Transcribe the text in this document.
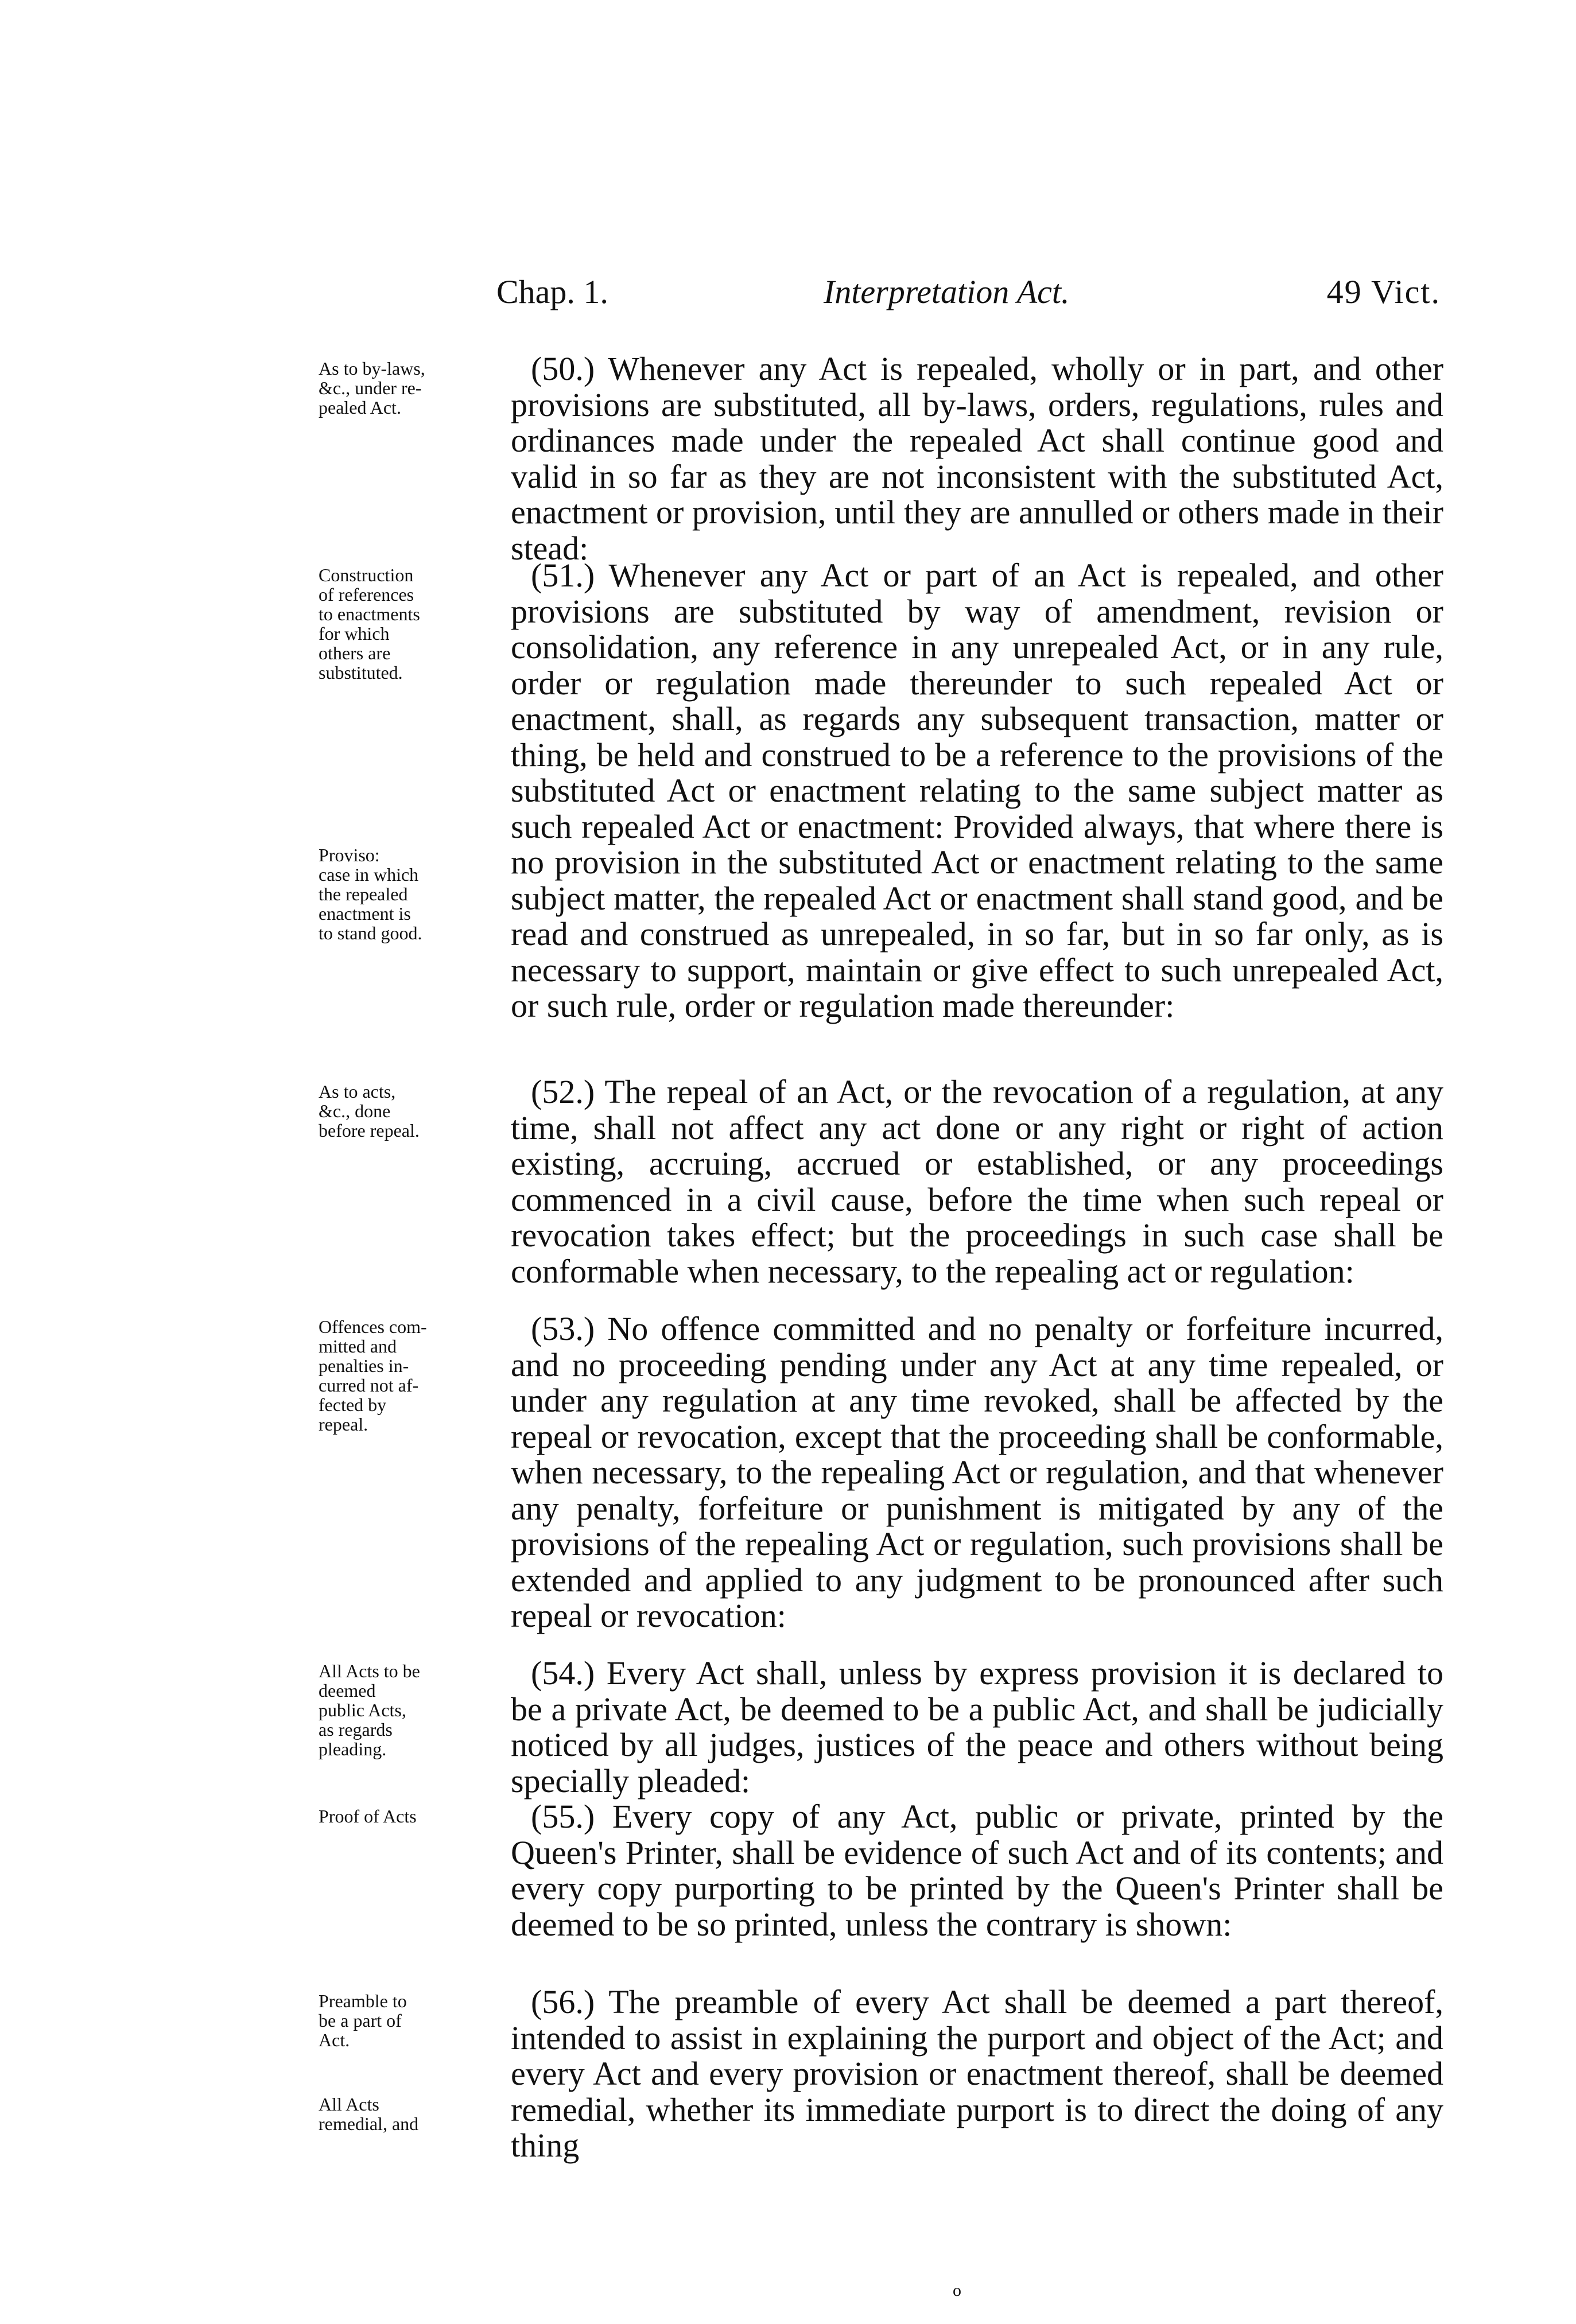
Chap. 1.	Interpretation Act.	49 Vict.
As to by-laws,
&c., under re-
pealed Act.
Construction
of references
to enactments
for which
others are
substituted.
Proviso:
case in which
the repealed
enactment is
to stand good.
As to acts,
&c., done
before repeal.
Offences com-
mitted and
penalties in-
curred not af-
fected by
repeal.
All Acts to be
deemed
public Acts,
as regards
pleading.
Proof of Acts
Preamble to
be a part of
Act.
All Acts
remedial, and
(50.) Whenever any Act is repealed, wholly or in part, and other provisions are substituted, all by-laws, orders, regulations, rules and ordinances made under the repealed Act shall continue good and valid in so far as they are not inconsistent with the substituted Act, enactment or provision, until they are annulled or others made in their stead:
(51.) Whenever any Act or part of an Act is repealed, and other provisions are substituted by way of amendment, revision or consolidation, any reference in any unrepealed Act, or in any rule, order or regulation made thereunder to such repealed Act or enactment, shall, as regards any subsequent transaction, matter or thing, be held and construed to be a reference to the provisions of the substituted Act or enactment relating to the same subject matter as such repealed Act or enactment: Provided always, that where there is no provision in the substituted Act or enactment relating to the same subject matter, the repealed Act or enactment shall stand good, and be read and construed as unrepealed, in so far, but in so far only, as is necessary to support, maintain or give effect to such unrepealed Act, or such rule, order or regulation made thereunder:
(52.) The repeal of an Act, or the revocation of a regulation, at any time, shall not affect any act done or any right or right of action existing, accruing, accrued or established, or any proceedings commenced in a civil cause, before the time when such repeal or revocation takes effect; but the proceedings in such case shall be conformable when necessary, to the repealing act or regulation:
(53.) No offence committed and no penalty or forfeiture incurred, and no proceeding pending under any Act at any time repealed, or under any regulation at any time revoked, shall be affected by the repeal or revocation, except that the proceeding shall be conformable, when necessary, to the repealing Act or regulation, and that whenever any penalty, forfeiture or punishment is mitigated by any of the provisions of the repealing Act or regulation, such provisions shall be extended and applied to any judgment to be pronounced after such repeal or revocation:
(54.) Every Act shall, unless by express provision it is declared to be a private Act, be deemed to be a public Act, and shall be judicially noticed by all judges, justices of the peace and others without being specially pleaded:
(55.) Every copy of any Act, public or private, printed by the Queen's Printer, shall be evidence of such Act and of its contents; and every copy purporting to be printed by the Queen's Printer shall be deemed to be so printed, unless the contrary is shown:
(56.) The preamble of every Act shall be deemed a part thereof, intended to assist in explaining the purport and object of the Act; and every Act and every provision or enactment thereof, shall be deemed remedial, whether its immediate purport is to direct the doing of any thing
o
